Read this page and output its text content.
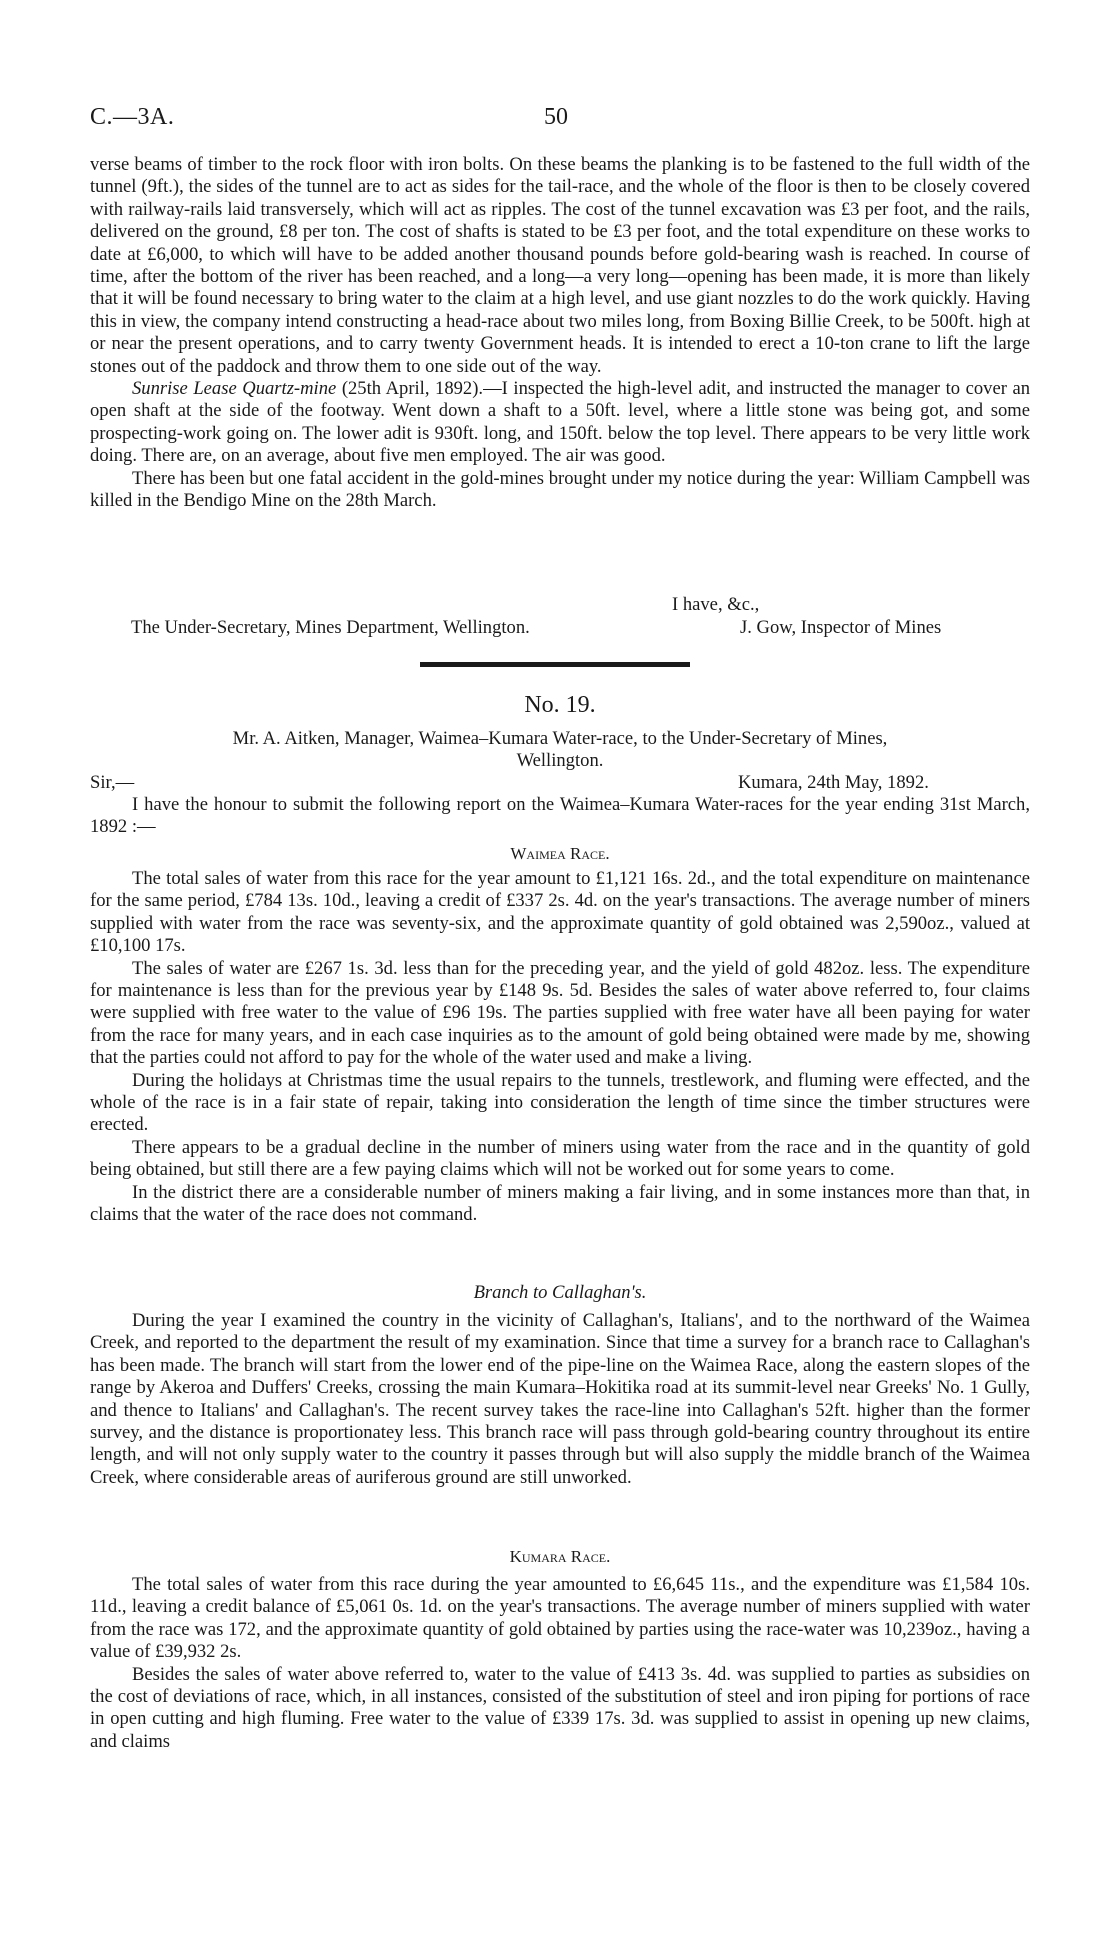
C.—3A.	50

verse beams of timber to the rock floor with iron bolts. On these beams the planking is to be fastened to the full width of the tunnel (9ft.), the sides of the tunnel are to act as sides for the tail-race, and the whole of the floor is then to be closely covered with railway-rails laid transversely, which will act as ripples. The cost of the tunnel excavation was £3 per foot, and the rails, delivered on the ground, £8 per ton. The cost of shafts is stated to be £3 per foot, and the total expenditure on these works to date at £6,000, to which will have to be added another thousand pounds before gold-bearing wash is reached. In course of time, after the bottom of the river has been reached, and a long—a very long—opening has been made, it is more than likely that it will be found necessary to bring water to the claim at a high level, and use giant nozzles to do the work quickly. Having this in view, the company intend constructing a head-race about two miles long, from Boxing Billie Creek, to be 500ft. high at or near the present operations, and to carry twenty Government heads. It is intended to erect a 10-ton crane to lift the large stones out of the paddock and throw them to one side out of the way.

Sunrise Lease Quartz-mine (25th April, 1892).—I inspected the high-level adit, and instructed the manager to cover an open shaft at the side of the footway. Went down a shaft to a 50ft. level, where a little stone was being got, and some prospecting-work going on. The lower adit is 930ft. long, and 150ft. below the top level. There appears to be very little work doing. There are, on an average, about five men employed. The air was good.

There has been but one fatal accident in the gold-mines brought under my notice during the year: William Campbell was killed in the Bendigo Mine on the 28th March.

I have, &c.,
The Under-Secretary, Mines Department, Wellington.	J. Gow, Inspector of Mines
No. 19.
Mr. A. Aitken, Manager, Waimea–Kumara Water-race, to the Under-Secretary of Mines,
Wellington.
Sir,—	Kumara, 24th May, 1892.

I have the honour to submit the following report on the Waimea–Kumara Water-races for the year ending 31st March, 1892 :—

Waimea Race.

The total sales of water from this race for the year amount to £1,121 16s. 2d., and the total expenditure on maintenance for the same period, £784 13s. 10d., leaving a credit of £337 2s. 4d. on the year's transactions. The average number of miners supplied with water from the race was seventy-six, and the approximate quantity of gold obtained was 2,590oz., valued at £10,100 17s.

The sales of water are £267 1s. 3d. less than for the preceding year, and the yield of gold 482oz. less. The expenditure for maintenance is less than for the previous year by £148 9s. 5d. Besides the sales of water above referred to, four claims were supplied with free water to the value of £96 19s. The parties supplied with free water have all been paying for water from the race for many years, and in each case inquiries as to the amount of gold being obtained were made by me, showing that the parties could not afford to pay for the whole of the water used and make a living.

During the holidays at Christmas time the usual repairs to the tunnels, trestlework, and fluming were effected, and the whole of the race is in a fair state of repair, taking into consideration the length of time since the timber structures were erected.

There appears to be a gradual decline in the number of miners using water from the race and in the quantity of gold being obtained, but still there are a few paying claims which will not be worked out for some years to come.

In the district there are a considerable number of miners making a fair living, and in some instances more than that, in claims that the water of the race does not command.

Branch to Callaghan's.

During the year I examined the country in the vicinity of Callaghan's, Italians', and to the northward of the Waimea Creek, and reported to the department the result of my examination. Since that time a survey for a branch race to Callaghan's has been made. The branch will start from the lower end of the pipe-line on the Waimea Race, along the eastern slopes of the range by Akeroa and Duffers' Creeks, crossing the main Kumara–Hokitika road at its summit-level near Greeks' No. 1 Gully, and thence to Italians' and Callaghan's. The recent survey takes the race-line into Callaghan's 52ft. higher than the former survey, and the distance is proportionatey less. This branch race will pass through gold-bearing country throughout its entire length, and will not only supply water to the country it passes through but will also supply the middle branch of the Waimea Creek, where considerable areas of auriferous ground are still unworked.

Kumara Race.

The total sales of water from this race during the year amounted to £6,645 11s., and the expenditure was £1,584 10s. 11d., leaving a credit balance of £5,061 0s. 1d. on the year's transactions. The average number of miners supplied with water from the race was 172, and the approximate quantity of gold obtained by parties using the race-water was 10,239oz., having a value of £39,932 2s.

Besides the sales of water above referred to, water to the value of £413 3s. 4d. was supplied to parties as subsidies on the cost of deviations of race, which, in all instances, consisted of the substitution of steel and iron piping for portions of race in open cutting and high fluming. Free water to the value of £339 17s. 3d. was supplied to assist in opening up new claims, and claims
